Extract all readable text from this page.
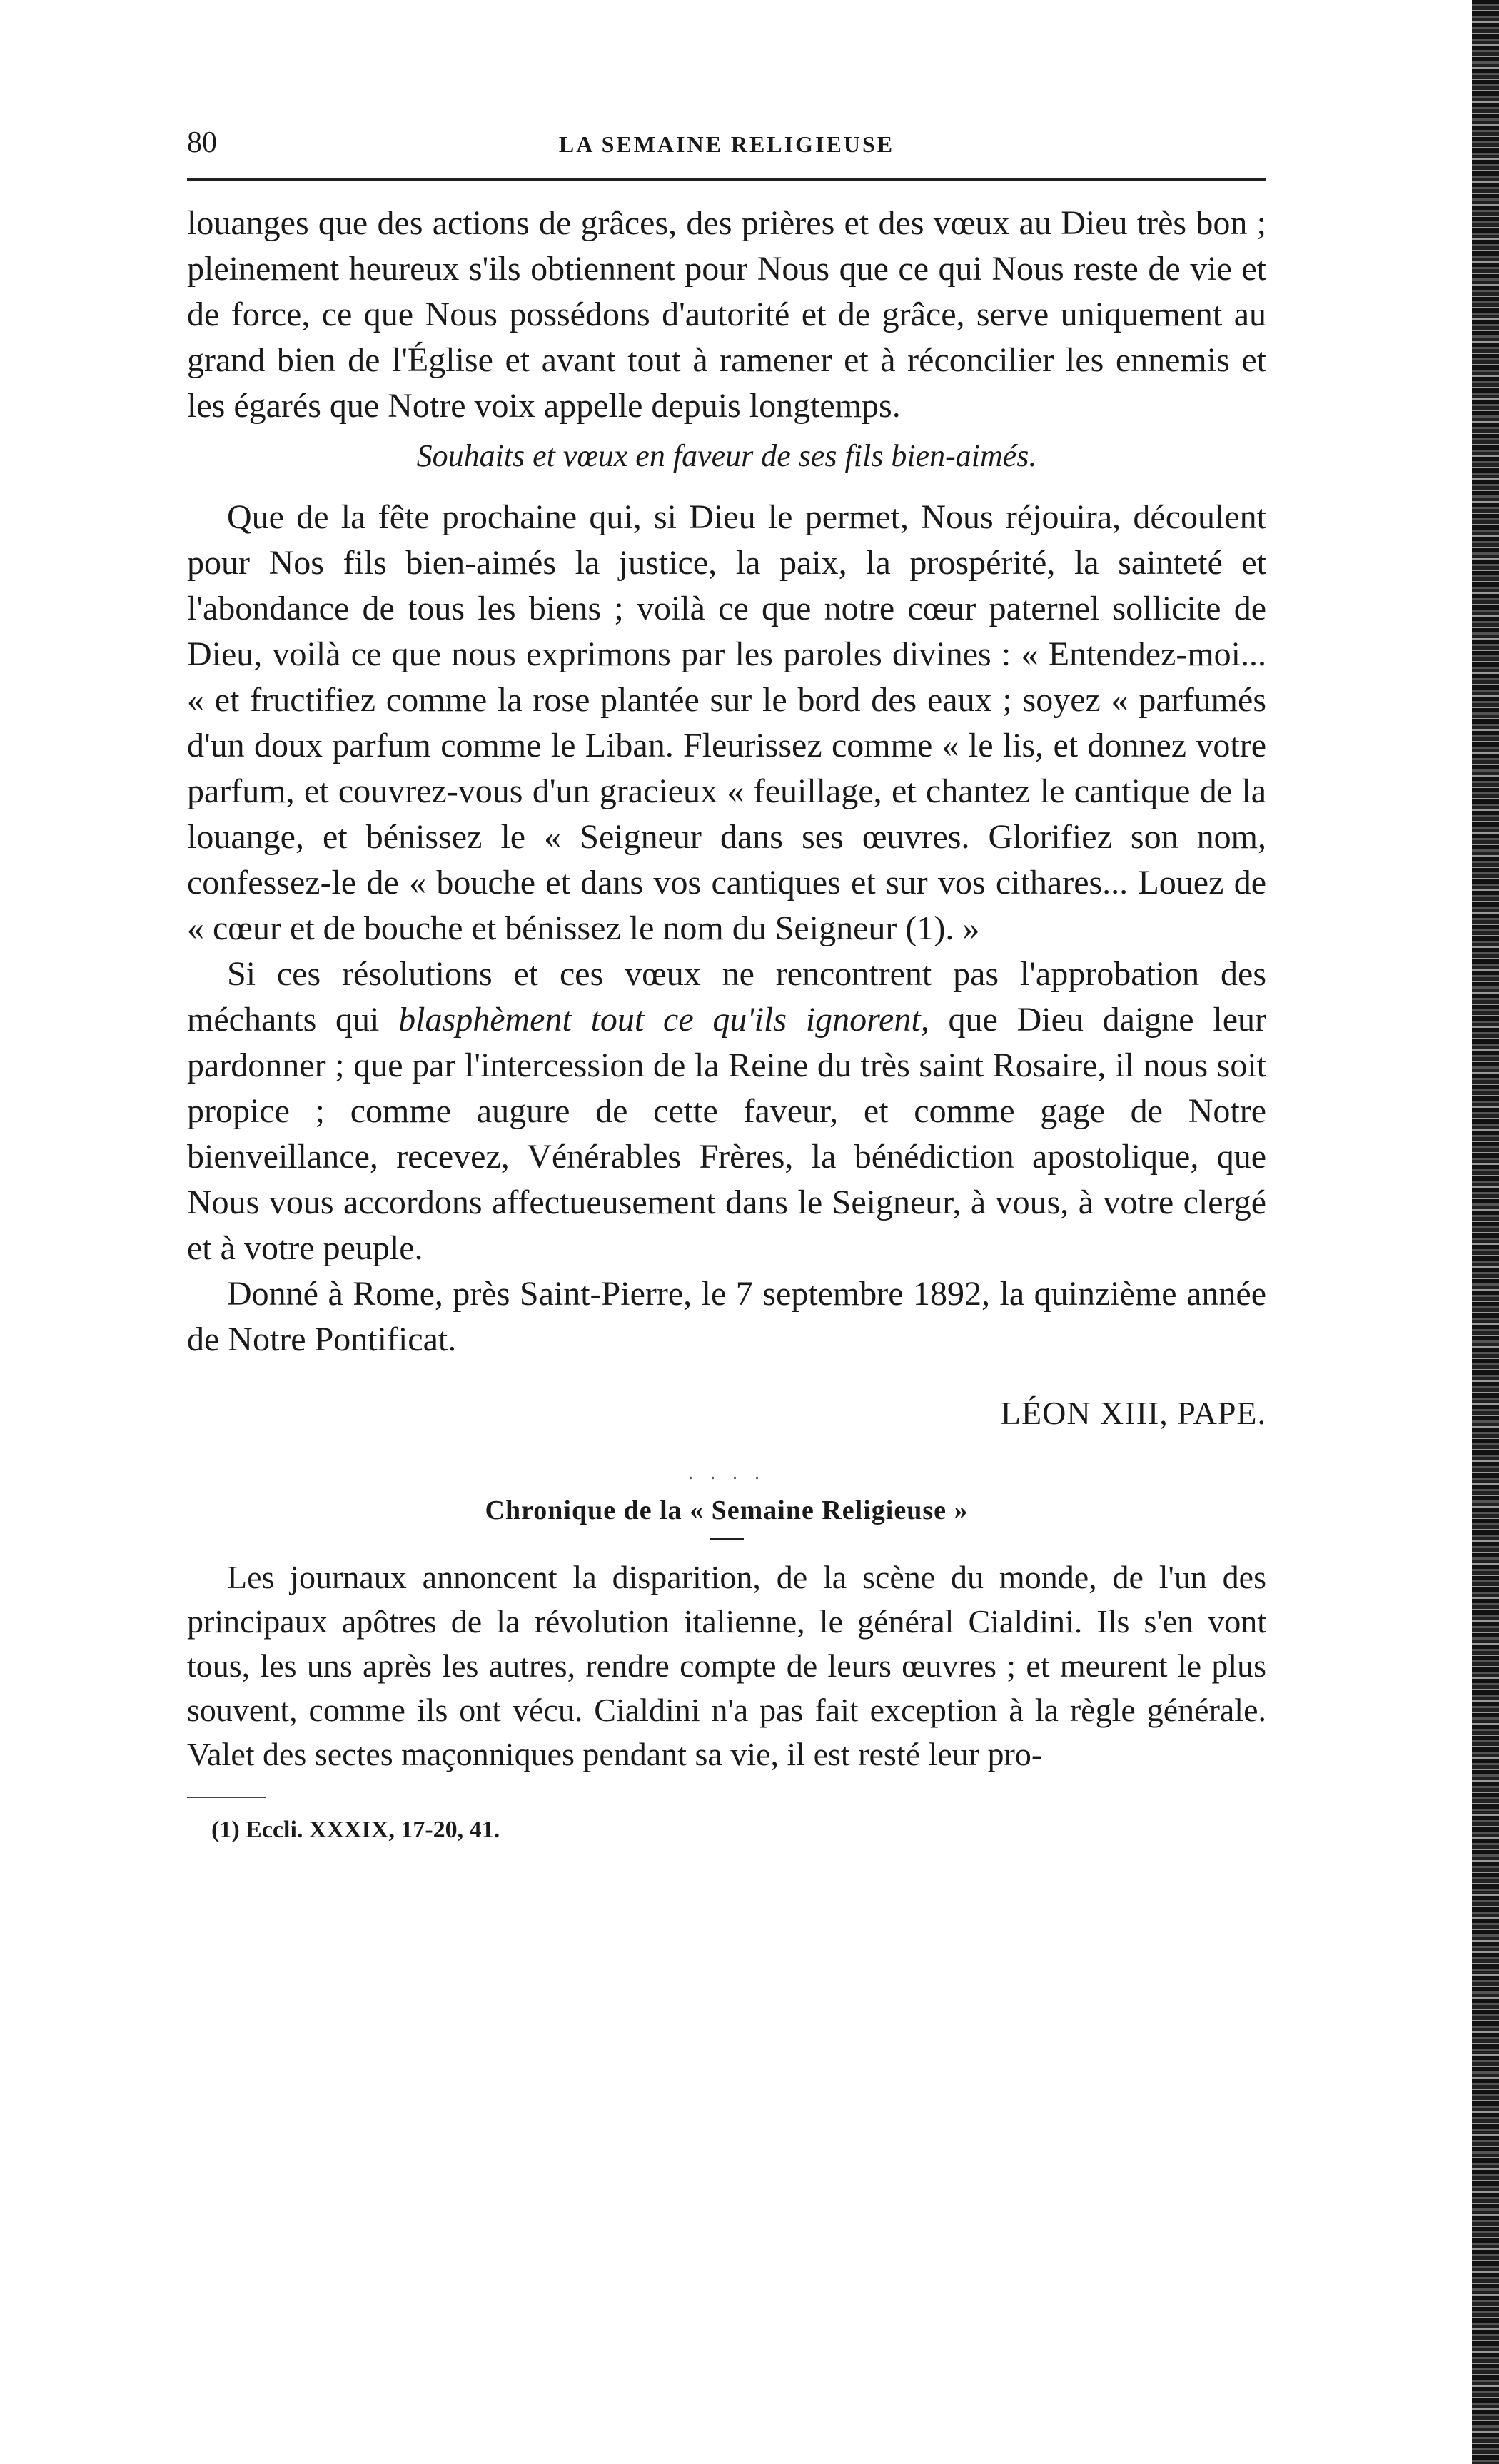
80	LA SEMAINE RELIGIEUSE

louanges que des actions de grâces, des prières et des vœux au Dieu très bon ; pleinement heureux s'ils obtiennent pour Nous que ce qui Nous reste de vie et de force, ce que Nous possédons d'autorité et de grâce, serve uniquement au grand bien de l'Église et avant tout à ramener et à réconcilier les ennemis et les égarés que Notre voix appelle depuis longtemps.

Souhaits et vœux en faveur de ses fils bien-aimés.

Que de la fête prochaine qui, si Dieu le permet, Nous réjouira, découlent pour Nos fils bien-aimés la justice, la paix, la prospérité, la sainteté et l'abondance de tous les biens ; voilà ce que notre cœur paternel sollicite de Dieu, voilà ce que nous exprimons par les paroles divines : « Entendez-moi... « et fructifiez comme la rose plantée sur le bord des eaux ; soyez « parfumés d'un doux parfum comme le Liban. Fleurissez comme « le lis, et donnez votre parfum, et couvrez-vous d'un gracieux « feuillage, et chantez le cantique de la louange, et bénissez le « Seigneur dans ses œuvres. Glorifiez son nom, confessez-le de « bouche et dans vos cantiques et sur vos cithares... Louez de « cœur et de bouche et bénissez le nom du Seigneur (1). »

Si ces résolutions et ces vœux ne rencontrent pas l'approbation des méchants qui blasphèment tout ce qu'ils ignorent, que Dieu daigne leur pardonner ; que par l'intercession de la Reine du très saint Rosaire, il nous soit propice ; comme augure de cette faveur, et comme gage de Notre bienveillance, recevez, Vénérables Frères, la bénédiction apostolique, que Nous vous accordons affectueusement dans le Seigneur, à vous, à votre clergé et à votre peuple.

Donné à Rome, près Saint-Pierre, le 7 septembre 1892, la quinzième année de Notre Pontificat.

LÉON XIII, PAPE.
. . . .
Chronique de la « Semaine Religieuse »

Les journaux annoncent la disparition, de la scène du monde, de l'un des principaux apôtres de la révolution italienne, le général Cialdini. Ils s'en vont tous, les uns après les autres, rendre compte de leurs œuvres ; et meurent le plus souvent, comme ils ont vécu. Cialdini n'a pas fait exception à la règle générale. Valet des sectes maçonniques pendant sa vie, il est resté leur pro-

(1) Eccli. XXXIX, 17-20, 41.
